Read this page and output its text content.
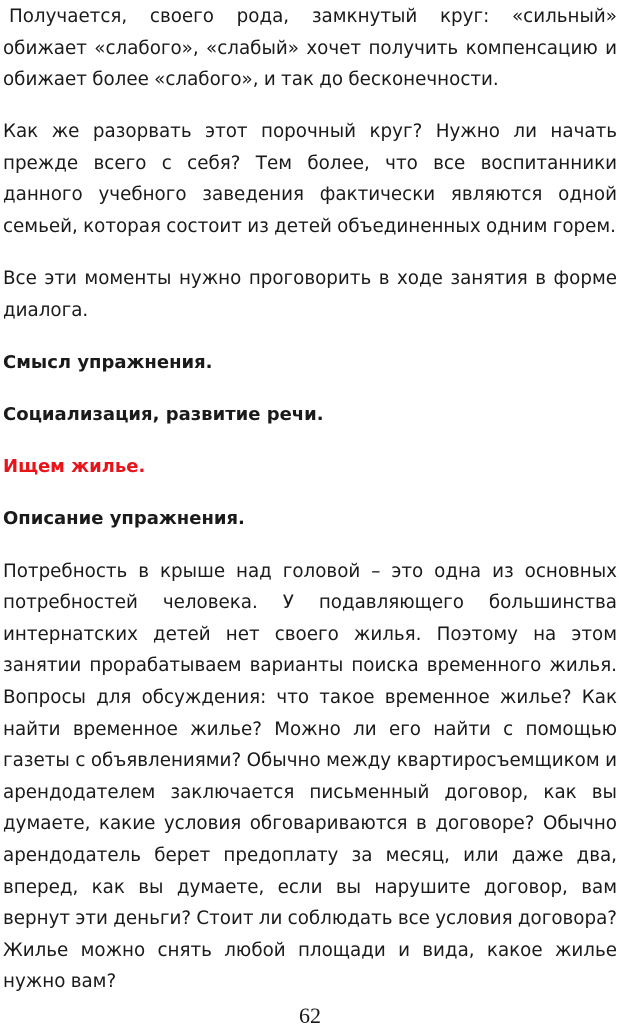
Получается, своего рода, замкнутый круг: «сильный» обижает «слабого», «слабый» хочет получить компенсацию и обижает более «слабого», и так до бесконечности.

Как же разорвать этот порочный круг? Нужно ли начать прежде всего с себя? Тем более, что все воспитанники данного учебного заведения фактически являются одной семьей, которая состоит из детей объединенных одним горем.

Все эти моменты нужно проговорить в ходе занятия в форме диалога.

Смысл упражнения.
Социализация, развитие речи.
Ищем жилье.
Описание упражнения.

Потребность в крыше над головой – это одна из основных потребностей человека. У подавляющего большинства интернатских детей нет своего жилья. Поэтому на этом занятии прорабатываем варианты поиска временного жилья. Вопросы для обсуждения: что такое временное жилье? Как найти временное жилье? Можно ли его найти с помощью газеты с объявлениями? Обычно между квартиросъемщиком и арендодателем заключается письменный договор, как вы думаете, какие условия обговариваются в договоре? Обычно арендодатель берет предоплату за месяц, или даже два, вперед, как вы думаете, если вы нарушите договор, вам вернут эти деньги? Стоит ли соблюдать все условия договора? Жилье можно снять любой площади и вида, какое жилье нужно вам?

62
